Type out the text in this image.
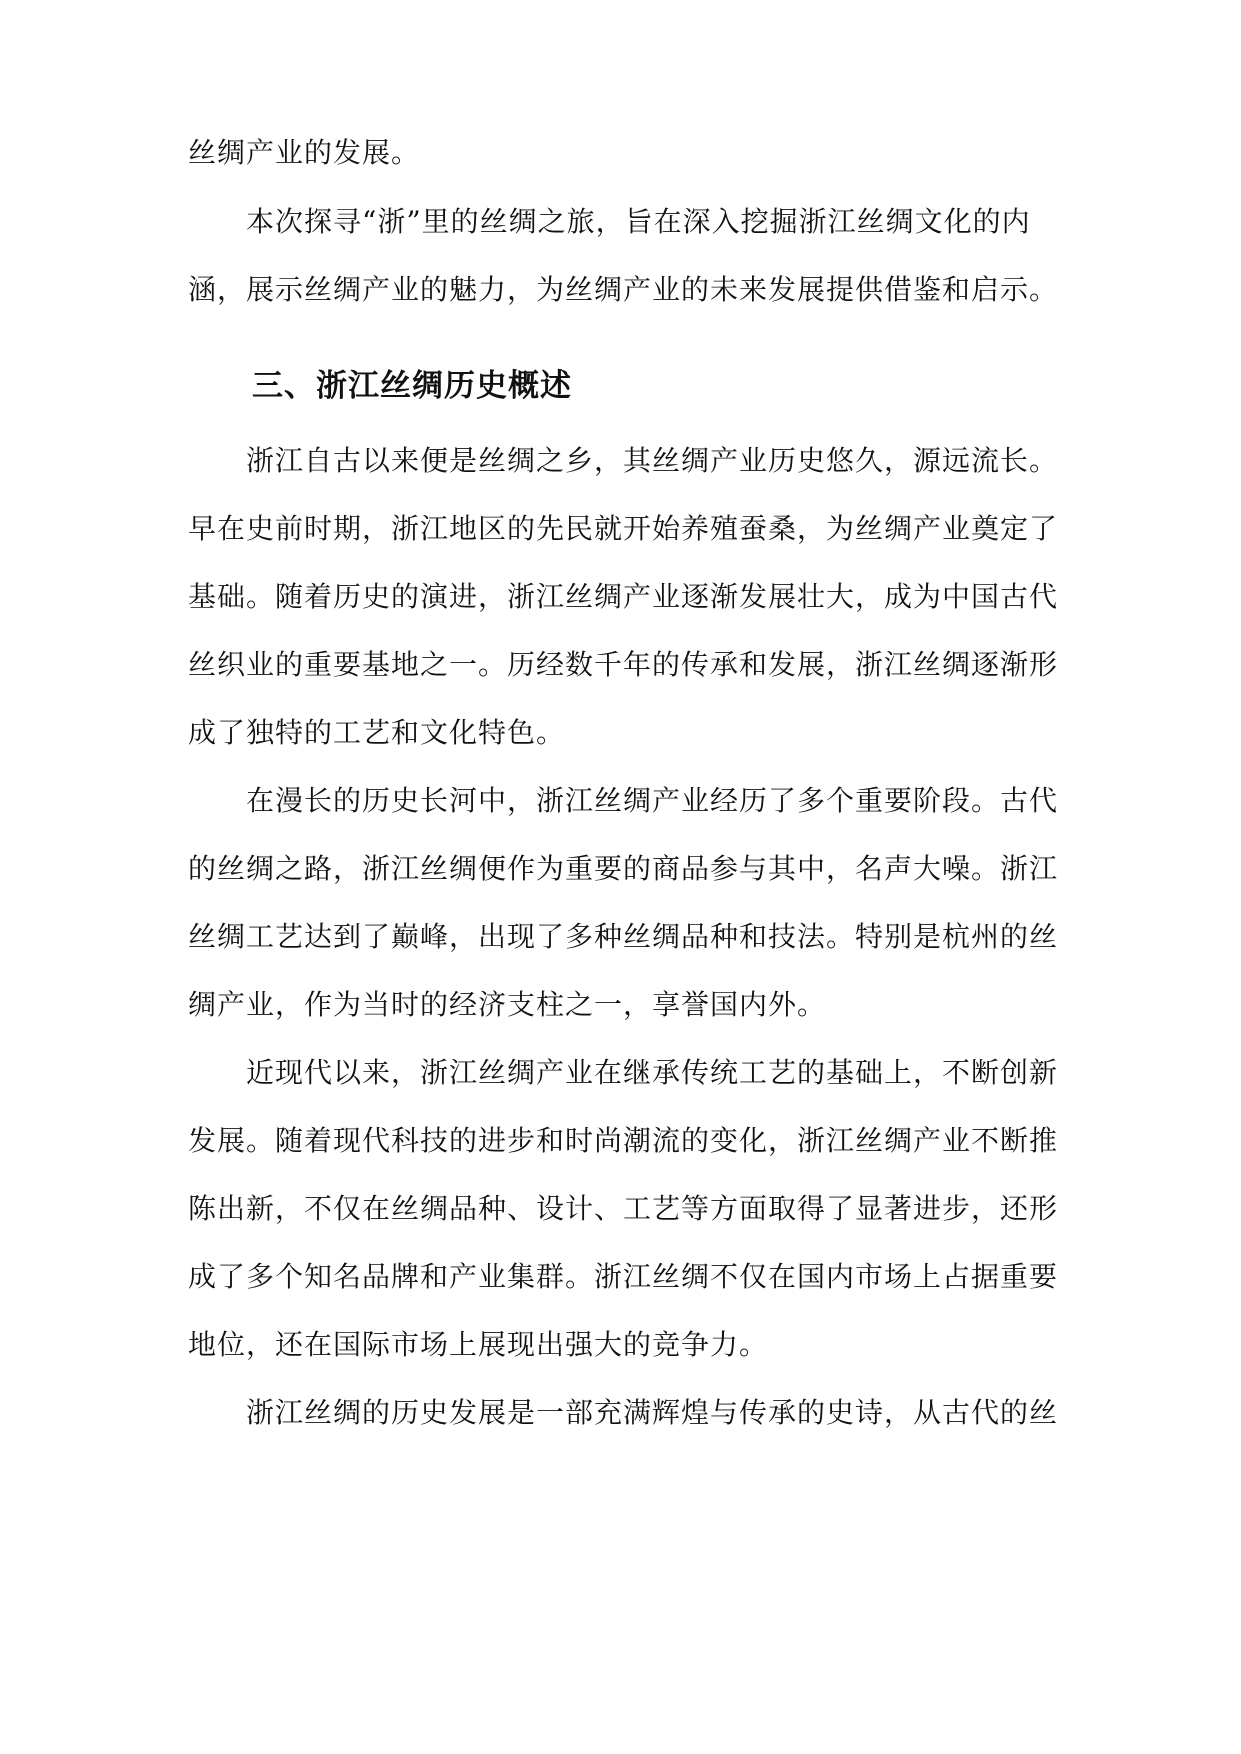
丝绸产业的发展。
本次探寻“浙”里的丝绸之旅，旨在深入挖掘浙江丝绸文化的内
涵，展示丝绸产业的魅力，为丝绸产业的未来发展提供借鉴和启示。
三、浙江丝绸历史概述
浙江自古以来便是丝绸之乡，其丝绸产业历史悠久，源远流长。
早在史前时期，浙江地区的先民就开始养殖蚕桑，为丝绸产业奠定了
基础。随着历史的演进，浙江丝绸产业逐渐发展壮大，成为中国古代
丝织业的重要基地之一。历经数千年的传承和发展，浙江丝绸逐渐形
成了独特的工艺和文化特色。
在漫长的历史长河中，浙江丝绸产业经历了多个重要阶段。古代
的丝绸之路，浙江丝绸便作为重要的商品参与其中，名声大噪。浙江
丝绸工艺达到了巅峰，出现了多种丝绸品种和技法。特别是杭州的丝
绸产业，作为当时的经济支柱之一，享誉国内外。
近现代以来，浙江丝绸产业在继承传统工艺的基础上，不断创新
发展。随着现代科技的进步和时尚潮流的变化，浙江丝绸产业不断推
陈出新，不仅在丝绸品种、设计、工艺等方面取得了显著进步，还形
成了多个知名品牌和产业集群。浙江丝绸不仅在国内市场上占据重要
地位，还在国际市场上展现出强大的竞争力。
浙江丝绸的历史发展是一部充满辉煌与传承的史诗，从古代的丝
